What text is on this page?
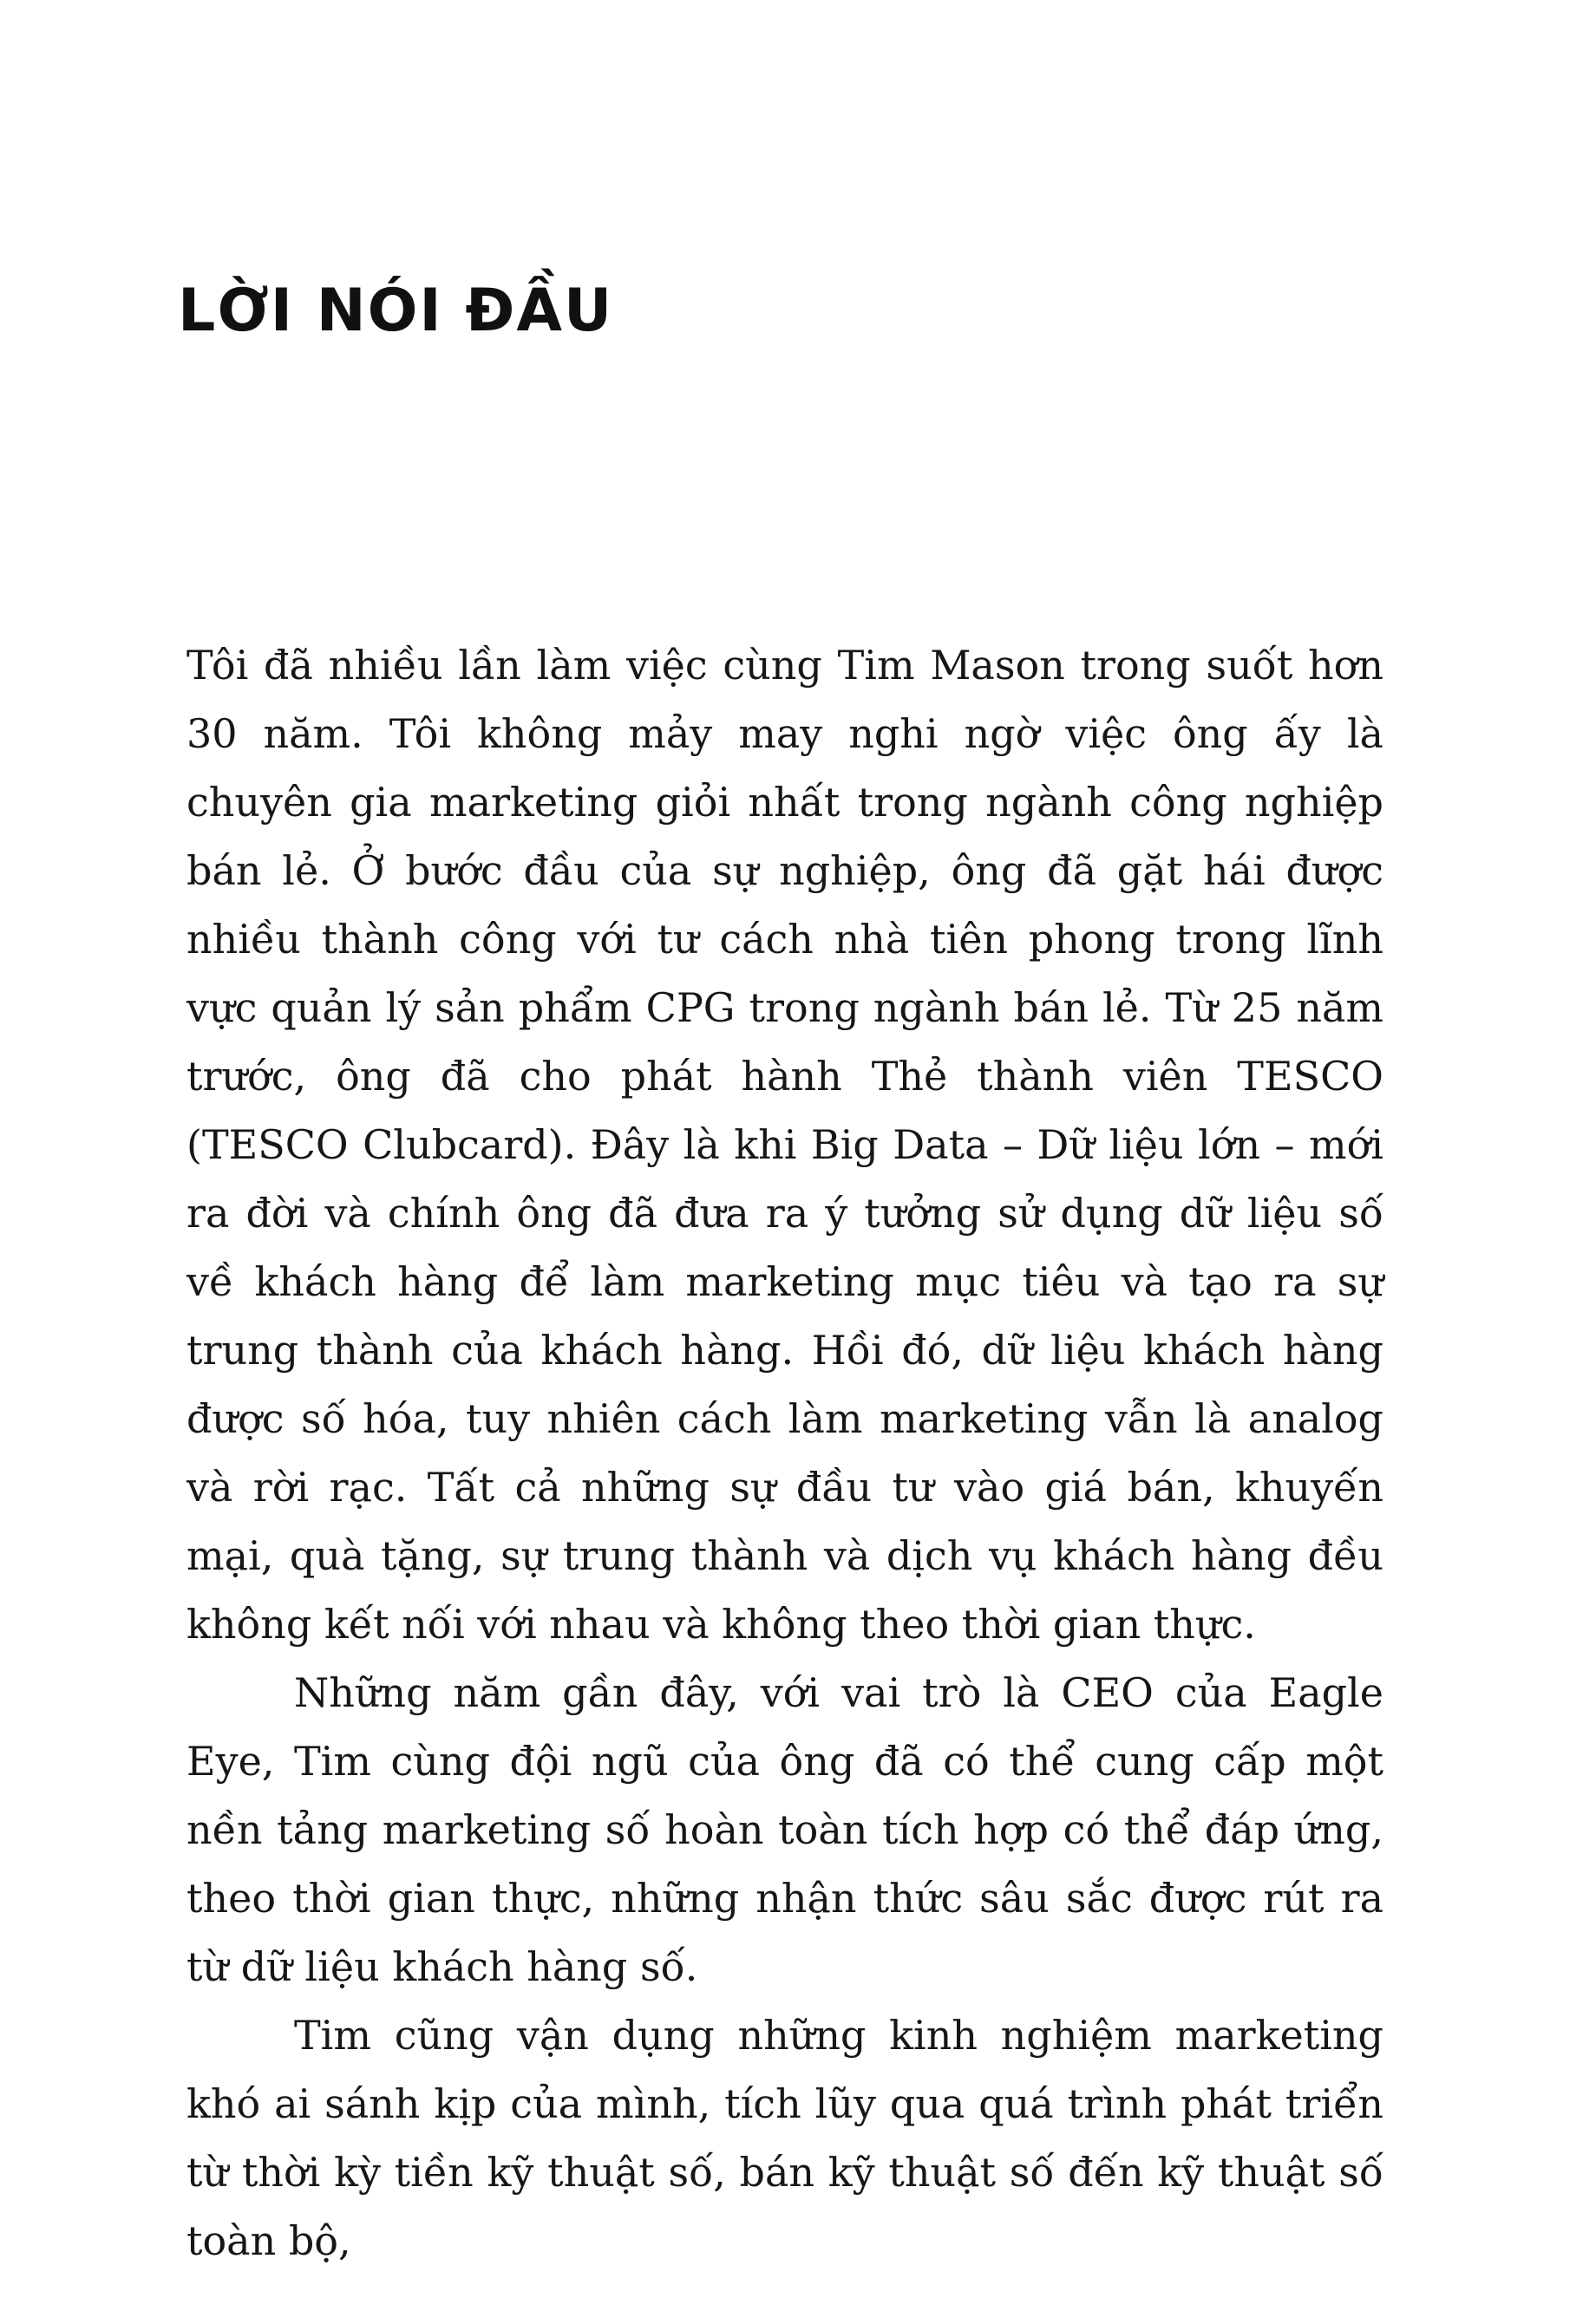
LỜI NÓI ĐẦU

Tôi đã nhiều lần làm việc cùng Tim Mason trong suốt hơn 30 năm. Tôi không mảy may nghi ngờ việc ông ấy là chuyên gia marketing giỏi nhất trong ngành công nghiệp bán lẻ. Ở bước đầu của sự nghiệp, ông đã gặt hái được nhiều thành công với tư cách nhà tiên phong trong lĩnh vực quản lý sản phẩm CPG trong ngành bán lẻ. Từ 25 năm trước, ông đã cho phát hành Thẻ thành viên TESCO (TESCO Clubcard). Đây là khi Big Data – Dữ liệu lớn – mới ra đời và chính ông đã đưa ra ý tưởng sử dụng dữ liệu số về khách hàng để làm marketing mục tiêu và tạo ra sự trung thành của khách hàng. Hồi đó, dữ liệu khách hàng được số hóa, tuy nhiên cách làm marketing vẫn là analog và rời rạc. Tất cả những sự đầu tư vào giá bán, khuyến mại, quà tặng, sự trung thành và dịch vụ khách hàng đều không kết nối với nhau và không theo thời gian thực.

Những năm gần đây, với vai trò là CEO của Eagle Eye, Tim cùng đội ngũ của ông đã có thể cung cấp một nền tảng marketing số hoàn toàn tích hợp có thể đáp ứng, theo thời gian thực, những nhận thức sâu sắc được rút ra từ dữ liệu khách hàng số.

Tim cũng vận dụng những kinh nghiệm marketing khó ai sánh kịp của mình, tích lũy qua quá trình phát triển từ thời kỳ tiền kỹ thuật số, bán kỹ thuật số đến kỹ thuật số toàn bộ,
